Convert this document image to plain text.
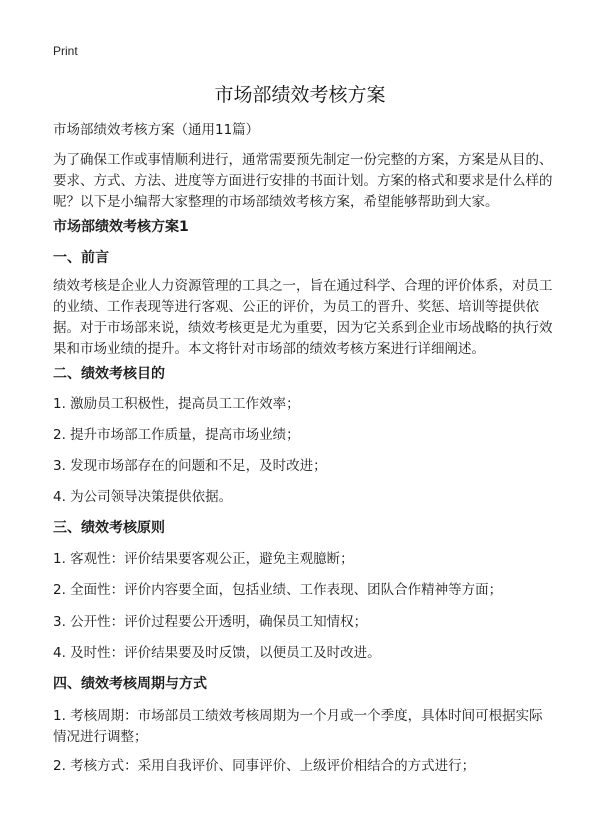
Print
市场部绩效考核方案

市场部绩效考核方案（通用11篇）

为了确保工作或事情顺利进行，通常需要预先制定一份完整的方案，方案是从目的、要求、方式、方法、进度等方面进行安排的书面计划。方案的格式和要求是什么样的呢？以下是小编帮大家整理的市场部绩效考核方案，希望能够帮助到大家。

市场部绩效考核方案1

一、前言

绩效考核是企业人力资源管理的工具之一，旨在通过科学、合理的评价体系，对员工的业绩、工作表现等进行客观、公正的评价，为员工的晋升、奖惩、培训等提供依据。对于市场部来说，绩效考核更是尤为重要，因为它关系到企业市场战略的执行效果和市场业绩的提升。本文将针对市场部的绩效考核方案进行详细阐述。

二、绩效考核目的

1. 激励员工积极性，提高员工工作效率；

2. 提升市场部工作质量，提高市场业绩；

3. 发现市场部存在的问题和不足，及时改进；

4. 为公司领导决策提供依据。

三、绩效考核原则

1. 客观性：评价结果要客观公正，避免主观臆断；

2. 全面性：评价内容要全面，包括业绩、工作表现、团队合作精神等方面；

3. 公开性：评价过程要公开透明，确保员工知情权；

4. 及时性：评价结果要及时反馈，以便员工及时改进。

四、绩效考核周期与方式

1. 考核周期：市场部员工绩效考核周期为一个月或一个季度，具体时间可根据实际情况进行调整；

2. 考核方式：采用自我评价、同事评价、上级评价相结合的方式进行；
